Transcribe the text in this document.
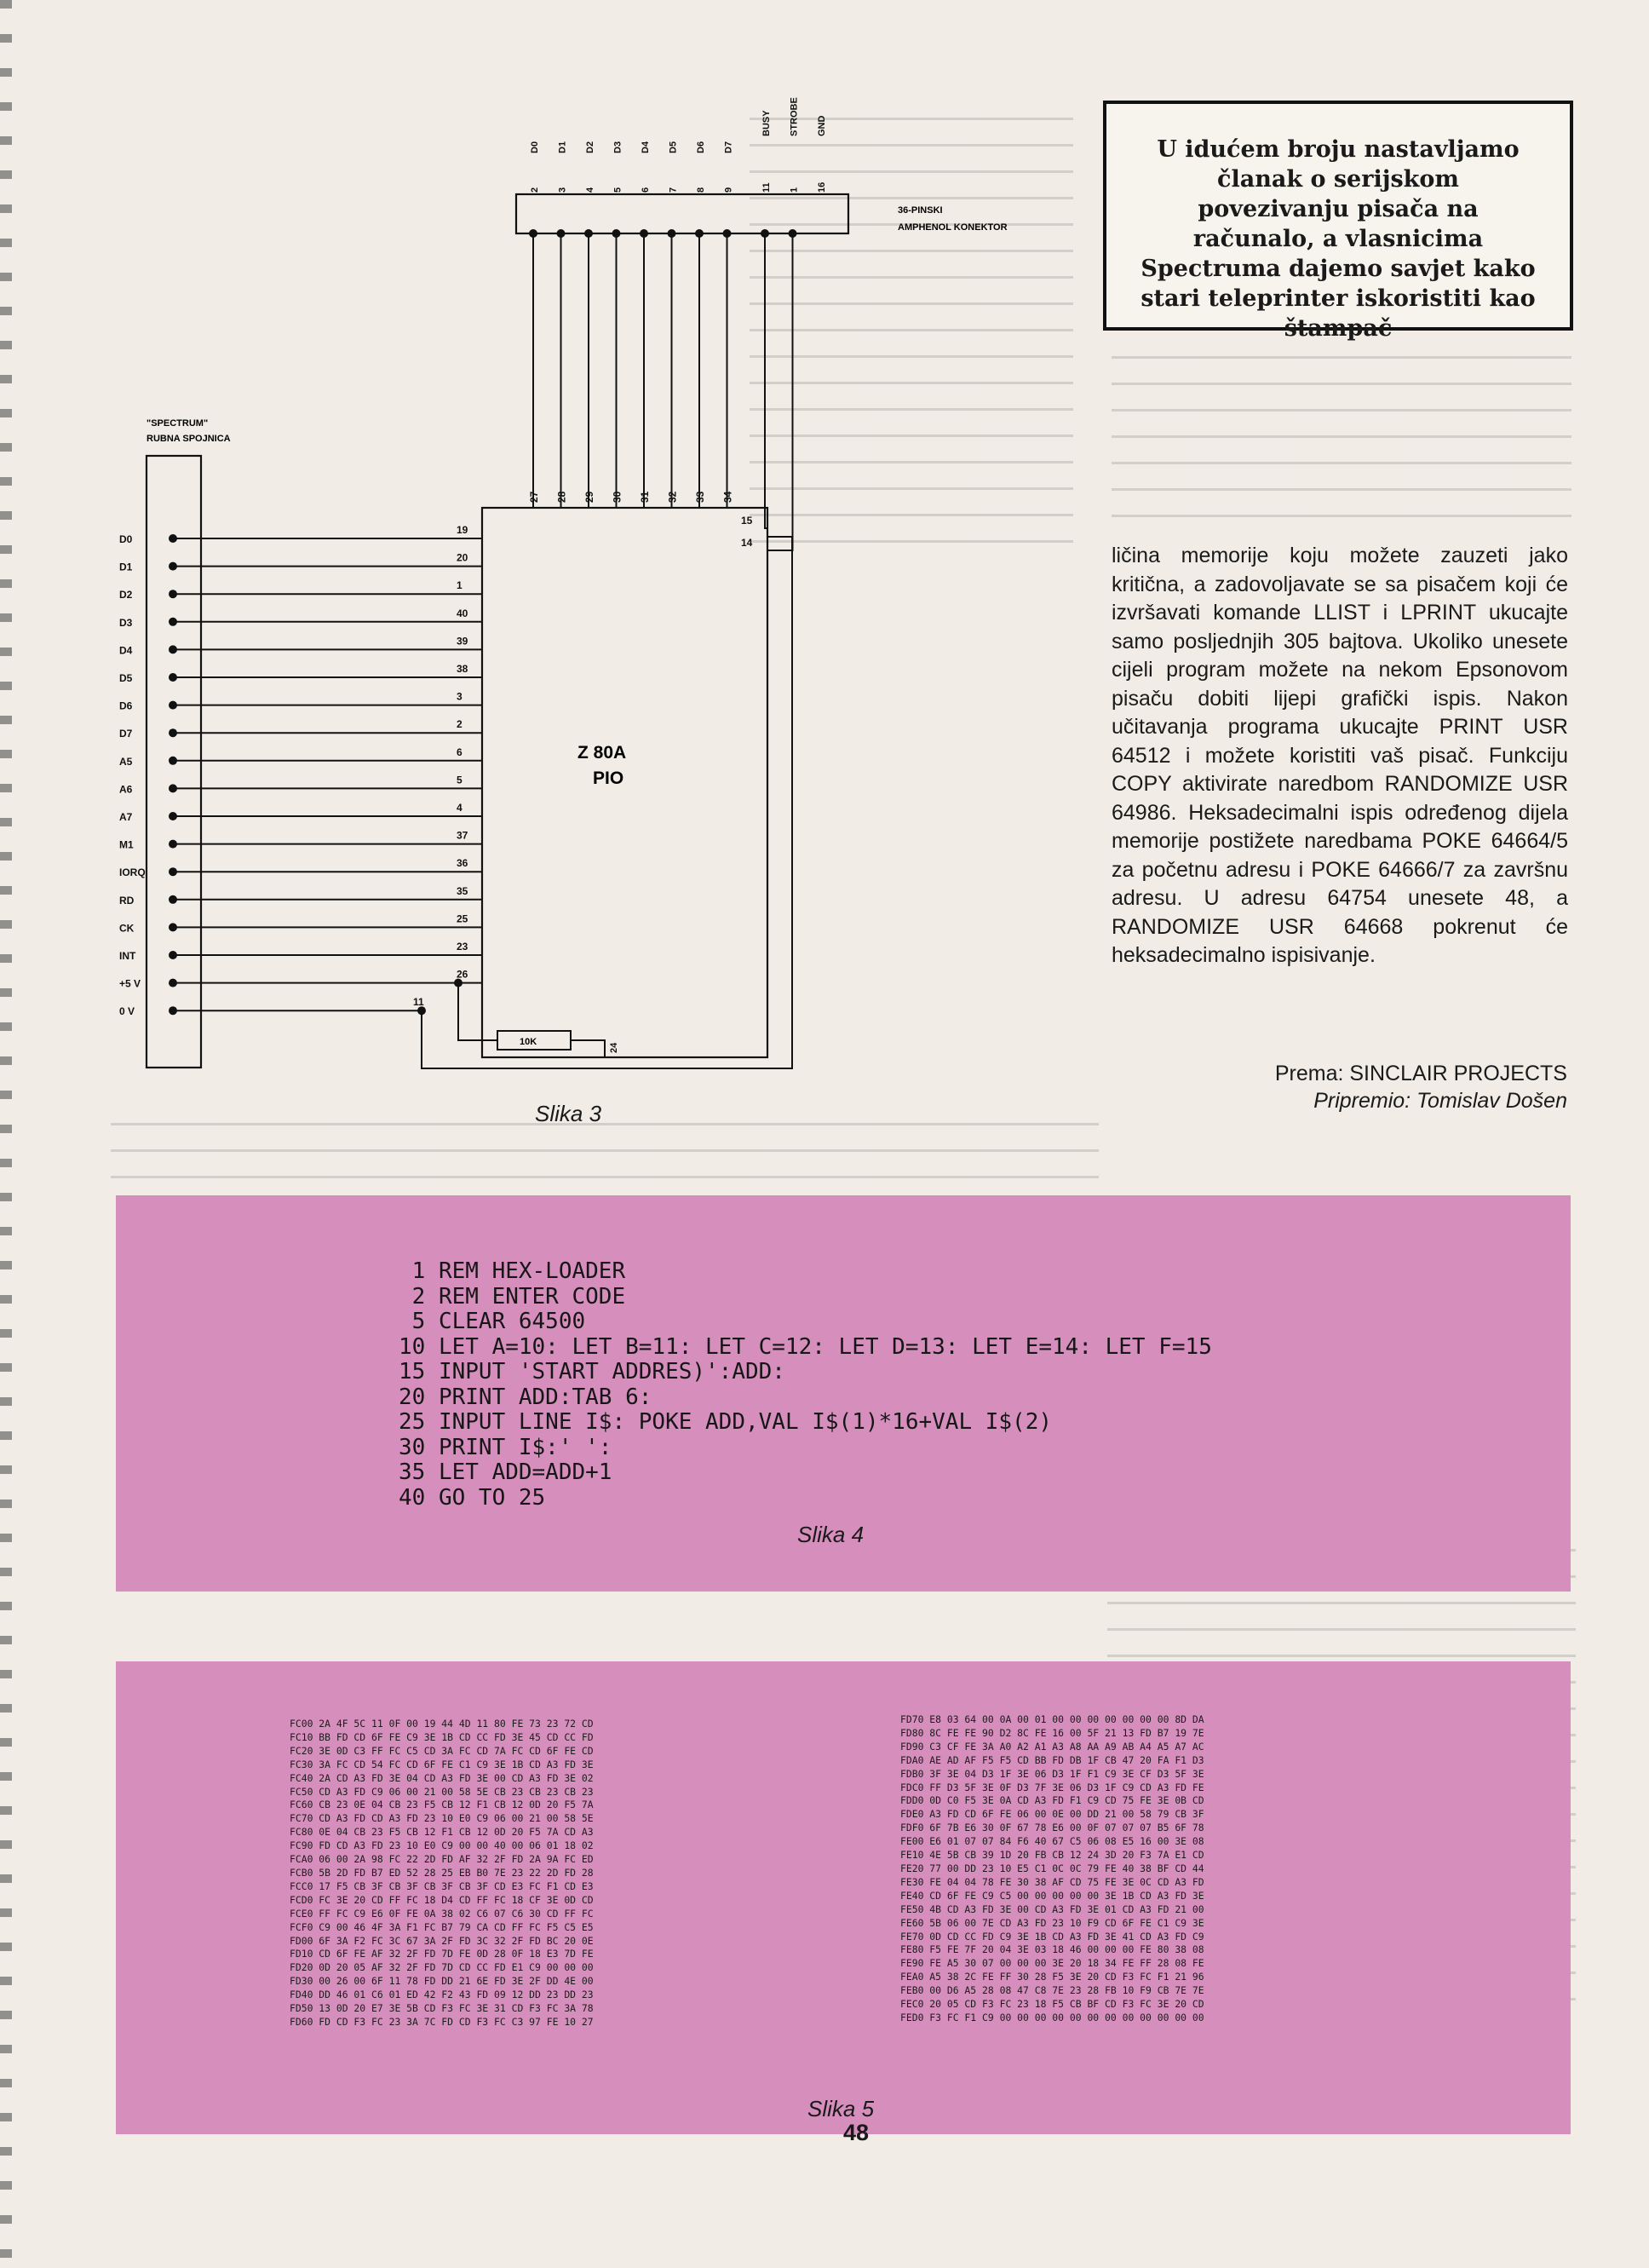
D0
19
D1
20
D2
1
D3
40
D4
39
D5
38
D6
3
D7
2
A5
6
A6
5
A7
4
M1
37
IORQ
36
RD
35
CK
25
INT
23
+5 V
26
0 V
11
24
27 28 29 30 31 32 33 34
15
14
2
D0
3
D1
4
D2
5
D3
6
D4
7
D5
8
D6
9
D7
11
BUSY
1
STROBE
16
GND
"SPECTRUM"
RUBNA SPOJNICA
36-PINSKI
AMPHENOL KONEKTOR
Z 80A
PIO
10K
Slika 3
U idućem broju nastavljamo članak o serijskom povezivanju pisača na računalo, a vlasnicima Spectruma dajemo savjet kako stari teleprinter iskoristiti kao štampač
ličina memorije koju možete zauzeti jako kritična, a zadovoljavate se sa pisačem koji će izvršavati komande LLIST i LPRINT ukucajte samo posljednjih 305 bajtova. Ukoliko unesete cijeli program možete na nekom Epsonovom pisaču dobiti lijepi grafički ispis. Nakon učitavanja programa ukucajte PRINT USR 64512 i možete koristiti vaš pisač. Funkciju COPY aktivirate naredbom RANDOMIZE USR 64986. Heksadecimalni ispis određenog dijela memorije postižete naredbama POKE 64664/5 za početnu adresu i POKE 64666/7 za završnu adresu. U adresu 64754 unesete 48, a RANDOMIZE USR 64668 pokrenut će heksadecimalno ispisivanje.
Prema: SINCLAIR PROJECTS
Pripremio: Tomislav Došen
1 REM HEX-LOADER
2 REM ENTER CODE
5 CLEAR 64500
10 LET A=10: LET B=11: LET C=12: LET D=13: LET E=14: LET F=15
15 INPUT 'START ADDRES)':ADD:
20 PRINT ADD:TAB 6:
25 INPUT LINE I$: POKE ADD,VAL I$(1)*16+VAL I$(2)
30 PRINT I$:' ':
35 LET ADD=ADD+1
40 GO TO 25
Slika 4
FC00 2A 4F 5C 11 0F 00 19 44 4D 11 80 FE 73 23 72 CD
FC10 BB FD CD 6F FE C9 3E 1B CD CC FD 3E 45 CD CC FD
FC20 3E 0D C3 FF FC C5 CD 3A FC CD 7A FC CD 6F FE CD
FC30 3A FC CD 54 FC CD 6F FE C1 C9 3E 1B CD A3 FD 3E
FC40 2A CD A3 FD 3E 04 CD A3 FD 3E 00 CD A3 FD 3E 02
FC50 CD A3 FD C9 06 00 21 00 58 5E CB 23 CB 23 CB 23
FC60 CB 23 0E 04 CB 23 F5 CB 12 F1 CB 12 0D 20 F5 7A
FC70 CD A3 FD CD A3 FD 23 10 E0 C9 06 00 21 00 58 5E
FC80 0E 04 CB 23 F5 CB 12 F1 CB 12 0D 20 F5 7A CD A3
FC90 FD CD A3 FD 23 10 E0 C9 00 00 40 00 06 01 18 02
FCA0 06 00 2A 98 FC 22 2D FD AF 32 2F FD 2A 9A FC ED
FCB0 5B 2D FD B7 ED 52 28 25 EB B0 7E 23 22 2D FD 28
FCC0 17 F5 CB 3F CB 3F CB 3F CB 3F CD E3 FC F1 CD E3
FCD0 FC 3E 20 CD FF FC 18 D4 CD FF FC 18 CF 3E 0D CD
FCE0 FF FC C9 E6 0F FE 0A 38 02 C6 07 C6 30 CD FF FC
FCF0 C9 00 46 4F 3A F1 FC B7 79 CA CD FF FC F5 C5 E5
FD00 6F 3A F2 FC 3C 67 3A 2F FD 3C 32 2F FD BC 20 0E
FD10 CD 6F FE AF 32 2F FD 7D FE 0D 28 0F 18 E3 7D FE
FD20 0D 20 05 AF 32 2F FD 7D CD CC FD E1 C9 00 00 00
FD30 00 26 00 6F 11 78 FD DD 21 6E FD 3E 2F DD 4E 00
FD40 DD 46 01 C6 01 ED 42 F2 43 FD 09 12 DD 23 DD 23
FD50 13 0D 20 E7 3E 5B CD F3 FC 3E 31 CD F3 FC 3A 78
FD60 FD CD F3 FC 23 3A 7C FD CD F3 FC C3 97 FE 10 27
FD70 E8 03 64 00 0A 00 01 00 00 00 00 00 00 00 8D DA
FD80 8C FE FE 90 D2 8C FE 16 00 5F 21 13 FD B7 19 7E
FD90 C3 CF FE 3A A0 A2 A1 A3 A8 AA A9 AB A4 A5 A7 AC
FDA0 AE AD AF F5 F5 CD BB FD DB 1F CB 47 20 FA F1 D3
FDB0 3F 3E 04 D3 1F 3E 06 D3 1F F1 C9 3E CF D3 5F 3E
FDC0 FF D3 5F 3E 0F D3 7F 3E 06 D3 1F C9 CD A3 FD FE
FDD0 0D C0 F5 3E 0A CD A3 FD F1 C9 CD 75 FE 3E 0B CD
FDE0 A3 FD CD 6F FE 06 00 0E 00 DD 21 00 58 79 CB 3F
FDF0 6F 7B E6 30 0F 67 78 E6 00 0F 07 07 07 B5 6F 78
FE00 E6 01 07 07 84 F6 40 67 C5 06 08 E5 16 00 3E 08
FE10 4E 5B CB 39 1D 20 FB CB 12 24 3D 20 F3 7A E1 CD
FE20 77 00 DD 23 10 E5 C1 0C 0C 79 FE 40 38 BF CD 44
FE30 FE 04 04 78 FE 30 38 AF CD 75 FE 3E 0C CD A3 FD
FE40 CD 6F FE C9 C5 00 00 00 00 00 3E 1B CD A3 FD 3E
FE50 4B CD A3 FD 3E 00 CD A3 FD 3E 01 CD A3 FD 21 00
FE60 5B 06 00 7E CD A3 FD 23 10 F9 CD 6F FE C1 C9 3E
FE70 0D CD CC FD C9 3E 1B CD A3 FD 3E 41 CD A3 FD C9
FE80 F5 FE 7F 20 04 3E 03 18 46 00 00 00 FE 80 38 08
FE90 FE A5 30 07 00 00 00 3E 20 18 34 FE FF 28 08 FE
FEA0 A5 38 2C FE FF 30 28 F5 3E 20 CD F3 FC F1 21 96
FEB0 00 D6 A5 28 08 47 C8 7E 23 28 FB 10 F9 CB 7E 7E
FEC0 20 05 CD F3 FC 23 18 F5 CB BF CD F3 FC 3E 20 CD
FED0 F3 FC F1 C9 00 00 00 00 00 00 00 00 00 00 00 00
Slika 5
48
